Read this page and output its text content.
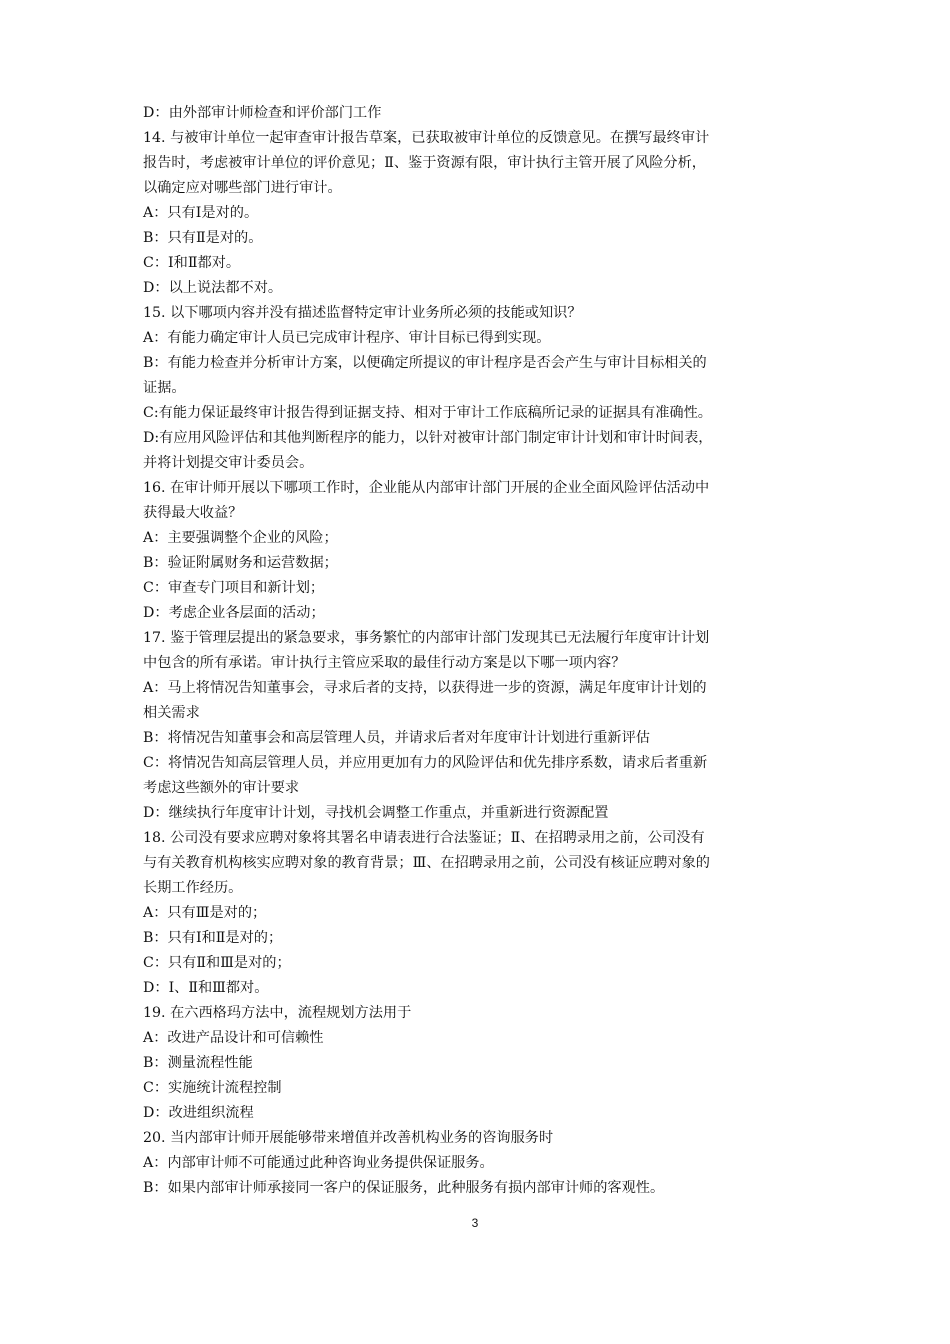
D：由外部审计师检查和评价部门工作

14. 与被审计单位一起审查审计报告草案，已获取被审计单位的反馈意见。在撰写最终审计

报告时，考虑被审计单位的评价意见；Ⅱ、鉴于资源有限，审计执行主管开展了风险分析，

以确定应对哪些部门进行审计。

A：只有Ⅰ是对的。

B：只有Ⅱ是对的。

C：Ⅰ和Ⅱ都对。

D：以上说法都不对。

15. 以下哪项内容并没有描述监督特定审计业务所必须的技能或知识？

A：有能力确定审计人员已完成审计程序、审计目标已得到实现。

B：有能力检查并分析审计方案，以便确定所提议的审计程序是否会产生与审计目标相关的

证据。

C:有能力保证最终审计报告得到证据支持、相对于审计工作底稿所记录的证据具有准确性。

D:有应用风险评估和其他判断程序的能力，以针对被审计部门制定审计计划和审计时间表，

并将计划提交审计委员会。

16. 在审计师开展以下哪项工作时，企业能从内部审计部门开展的企业全面风险评估活动中

获得最大收益？

A：主要强调整个企业的风险；

B：验证附属财务和运营数据；

C：审查专门项目和新计划；

D：考虑企业各层面的活动；

17. 鉴于管理层提出的紧急要求，事务繁忙的内部审计部门发现其已无法履行年度审计计划

中包含的所有承诺。审计执行主管应采取的最佳行动方案是以下哪一项内容？

A：马上将情况告知董事会，寻求后者的支持，以获得进一步的资源，满足年度审计计划的

相关需求

B：将情况告知董事会和高层管理人员，并请求后者对年度审计计划进行重新评估

C：将情况告知高层管理人员，并应用更加有力的风险评估和优先排序系数，请求后者重新

考虑这些额外的审计要求

D：继续执行年度审计计划，寻找机会调整工作重点，并重新进行资源配置

18. 公司没有要求应聘对象将其署名申请表进行合法鉴证；Ⅱ、在招聘录用之前，公司没有

与有关教育机构核实应聘对象的教育背景；Ⅲ、在招聘录用之前，公司没有核证应聘对象的

长期工作经历。

A：只有Ⅲ是对的；

B：只有Ⅰ和Ⅱ是对的；

C：只有Ⅱ和Ⅲ是对的；

D：Ⅰ、Ⅱ和Ⅲ都对。

19. 在六西格玛方法中，流程规划方法用于

A：改进产品设计和可信赖性

B：测量流程性能

C：实施统计流程控制

D：改进组织流程

20. 当内部审计师开展能够带来增值并改善机构业务的咨询服务时

A：内部审计师不可能通过此种咨询业务提供保证服务。

B：如果内部审计师承接同一客户的保证服务，此种服务有损内部审计师的客观性。

3
